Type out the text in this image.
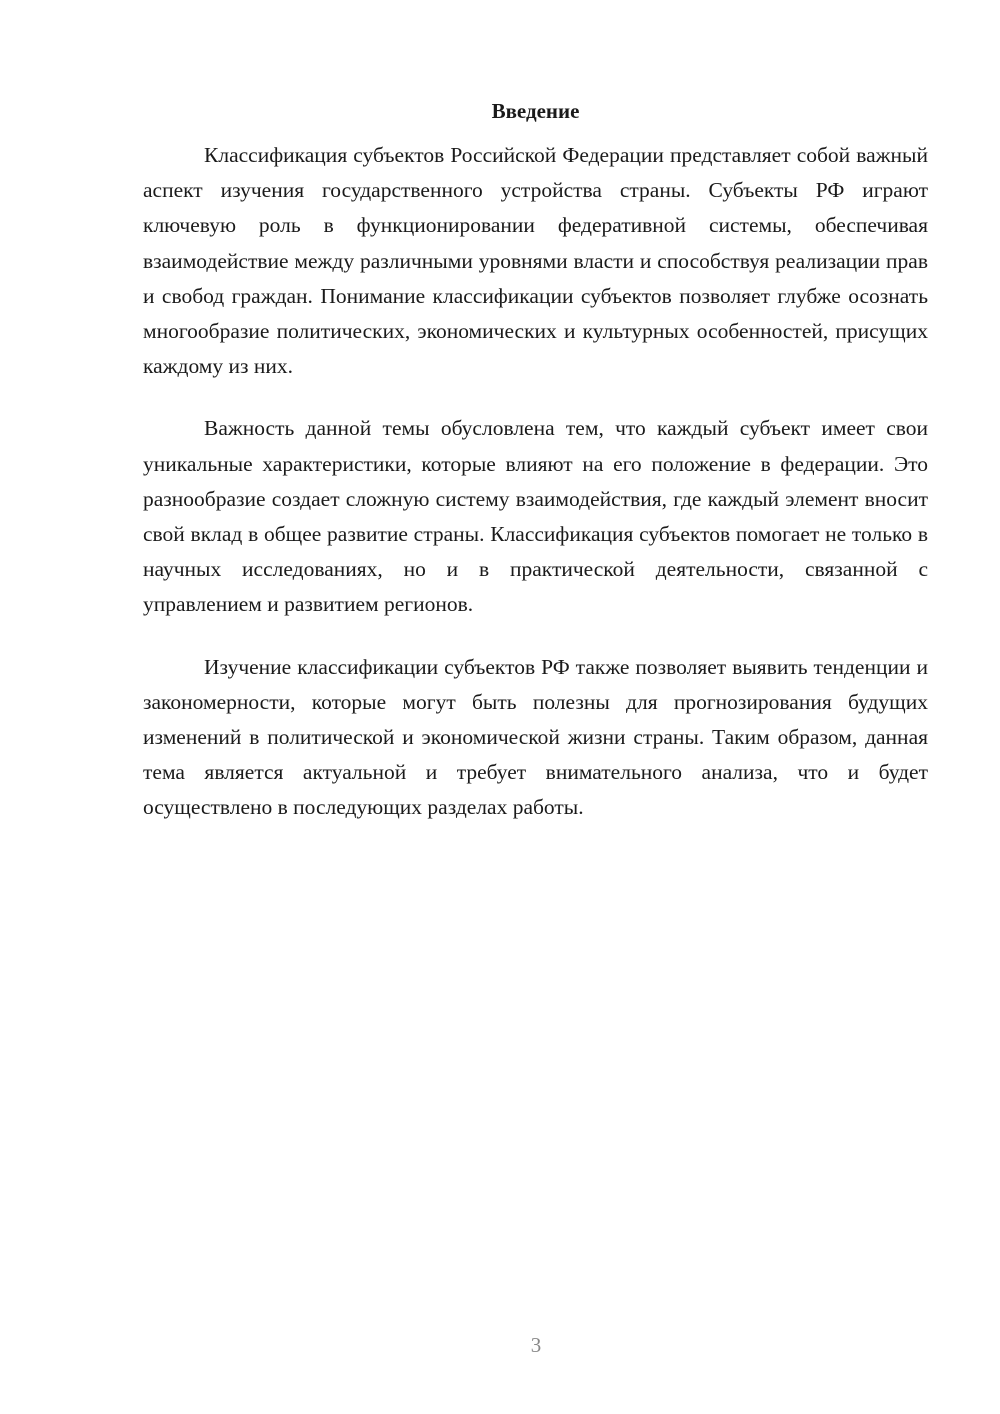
Введение

Классификация субъектов Российской Федерации представляет собой важный аспект изучения государственного устройства страны. Субъекты РФ играют ключевую роль в функционировании федеративной системы, обеспечивая взаимодействие между различными уровнями власти и способствуя реализации прав и свобод граждан. Понимание классификации субъектов позволяет глубже осознать многообразие политических, экономических и культурных особенностей, присущих каждому из них.

Важность данной темы обусловлена тем, что каждый субъект имеет свои уникальные характеристики, которые влияют на его положение в федерации. Это разнообразие создает сложную систему взаимодействия, где каждый элемент вносит свой вклад в общее развитие страны. Классификация субъектов помогает не только в научных исследованиях, но и в практической деятельности, связанной с управлением и развитием регионов.

Изучение классификации субъектов РФ также позволяет выявить тенденции и закономерности, которые могут быть полезны для прогнозирования будущих изменений в политической и экономической жизни страны. Таким образом, данная тема является актуальной и требует внимательного анализа, что и будет осуществлено в последующих разделах работы.

3
